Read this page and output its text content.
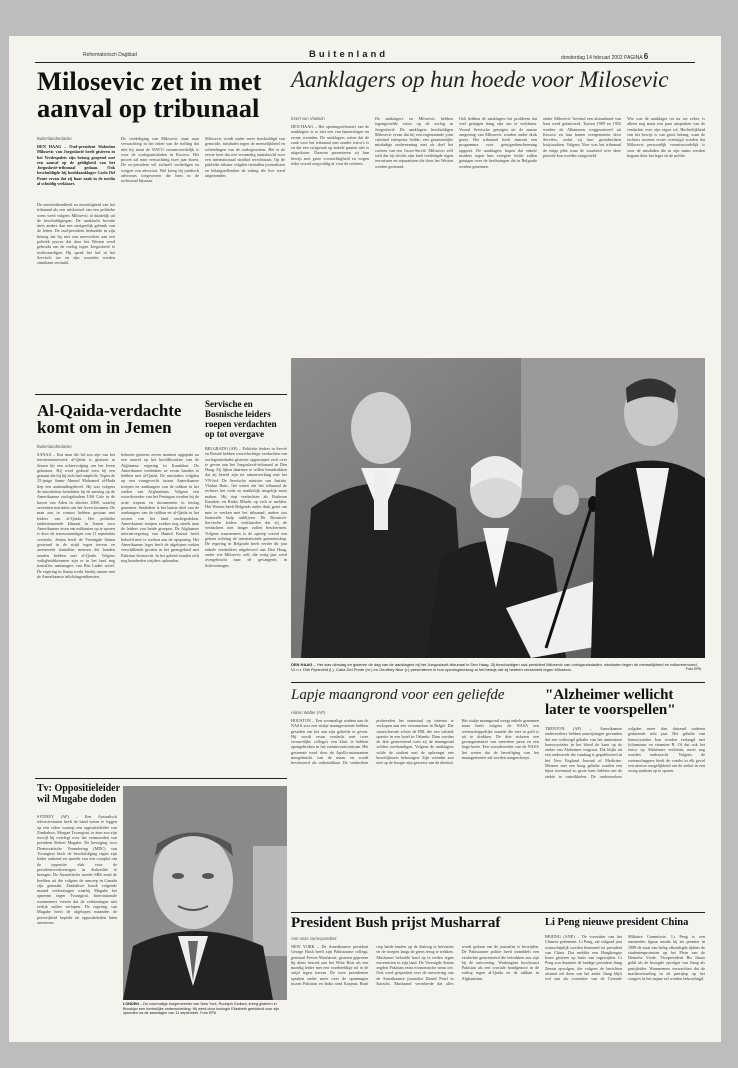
Reformatorisch Dagblad	Buitenland	donderdag 14 februari 2002 PAGINA 6
Milosevic zet in met aanval op tribunaal
Aanklagers op hun hoede voor Milosevic
Buitenlandredactie
Evert van Vlastuin
DEN HAAG – Oud-president Slobodan Milosevic van Joegoslavië heeft gisteren in het Vredespaleis zijn betoog geopend met een aanval op de geldigheid van het Joegoslavië-tribunaal gedaan. Ook beschuldigde hij hoofdaanklager Carla Del Ponte ervan dat zij haar zaak in de media al schuldig verklaart.
De ontoereikendheid en onwettigheid van het tribunaal als een uitvloeisel van een politieke wens werd volgens Milosevic al duidelijk uit de beschuldigingen. De aanklacht bevatte niets anders dan een oneigenlijk gebruik van de feiten. De oud-president herhaalde in zijn betoog dat hij niet zou meewerken aan een politiek proces dat door het Westen werd gebruikt om de oorlog tegen Joegoslavië te rechtvaardigen. Hij sprak het hof in het Servisch toe en zijn woorden werden simultaan vertaald.
De verdediging van Milosevic staat naar verwachting in het teken van de stelling dat niet hij maar de NAVO verantwoordelijk is voor de oorlogsmisdaden in Kosovo. Het proces zal naar verwachting twee jaar duren. De ex-president wil zichzelf verdedigen en weigert een advocaat. Wel kreeg hij juridisch adviseurs toegewezen die hem in de rechtszaal bijstaan.
Milosevic wordt onder meer beschuldigd van genocide, misdaden tegen de menselijkheid en schendingen van de oorlogswetten. Het is de eerste keer dat een voormalig staatshoofd voor een internationaal strafhof terechtstaat. Op de publieke tribune volgden tientallen journalisten en belangstellenden de zitting die live werd uitgezonden.
DEN HAAG – Het openingsoffensief van de aanklagers is er niet een van hamerslagen en zware woorden. De aanklagers weten dat de zaak voor het tribunaal niet zonder risico's is en dat een vrijspraak op enkele punten niet is uitgesloten. Daarom presenteren zij hun bewijs met grote voorzichtigheid en wegen ieder woord zorgvuldig af voor de rechters.
De aanklagers en Milosevic hebben tegengestelde visies op de oorlog in Joegoslavië. De aanklagers beschuldigen Milosevic ervan dat hij een zogenaamde joint criminal enterprise leidde, een gezamenlijke misdadige onderneming met als doel het creëren van een Groot-Servië. Milosevic zelf stelt dat hij slechts zijn land verdedigde tegen terroristen en separatisten die door het Westen werden gesteund.
Ook hebben de aanklagers het probleem dat veel getuigen bang zijn om te verklaren. Vooral Servische getuigen uit de naaste omgeving van Milosevic worden onder druk gezet. Het tribunaal heeft daarom een programma voor getuigenbescherming opgezet. De aanklagers hopen dat enkele insiders tegen hun vroegere leider zullen getuigen over de beslissingen die in Belgrado werden genomen.
onder Milosevic' bewind een alstandaard van haat werd gelanceerd. Tussen 1989 en 1992 werden de Albanezen weggezuiverd uit Kosovo en hun banen overgenomen door Serviërs, zodat zij hun grondrechten kwijtraakten. Volgens Nice was het tribunaal de enige plek waar de waarheid over deze periode kon worden vastgesteld.
Wie was de aanklager tot nu toe zeker, is alleen nog maar een paar uitspraken van de verdachte over zijn eigen rol. Hechtelijkheid van het bewijs is van groot belang, want de rechters moeten ervan overtuigd worden dat Milosevic persoonlijk verantwoordelijk is voor de misdaden die in zijn naam werden begaan door het leger en de politie.
DEN HAAG – Het was dinsdag en gisteren de dag van de aanklagers bij het Joegoslavië-tribunaal in Den Haag. Zij beschuldigen oud-president Milosevic van oorlogsmisdaden, misdaden tegen de menselijkheid en volkerenmoord. V.l.n.r. Dirk Ryneveld (l.), Carla Del Ponte (m.) en Geoffrey Nice (r.) presenteren in hun openingsbetoog al het bewijs dat zij hebben verzameld tegen Milosevic.	Foto EPA
Al-Qaida-verdachte komt om in Jemen
Buitenlandredactie
SANAA – Een man die lid zou zijn van het terroristennetwerk al-Qaida is gisteren in Jemen bij een achtervolging om het leven gekomen. Hij werd gedood toen hij een granaat die hij bij zich had ontplofte. Tegen de 25-jarige Samir Ahmed Mohamed al-Hada liep een aanhoudingsbevel. Hij was volgens de autoriteiten betrokken bij de aanslag op de Amerikaanse oorlogsbodem USS Cole in de haven van Aden in oktober 2000, waarbij zeventien mariniers om het leven kwamen. De man zou in contact hebben gestaan met leiders van al-Qaida. Het politieke ondersteunende klimaat in Jemen voor Amerikaanse eisen om militanten op te sporen is door de terreuraanslagen van 11 september versterkt. Jemen heeft de Verenigde Staten gesteund in de strijd tegen terreur en arresteerde tientallen mensen die banden zouden hebben met al-Qaida. Volgens veiligheidsbronnen zijn er in het land nog tientallen aanhangers van Bin Laden actief. De regering in Sanaa werkt hierbij samen met de Amerikaanse inlichtingendiensten.
behoren gisteren zeven mannen opgepakt na een aanval op het hoofdkwartier van de Afghaanse regering in Kandahar. De Amerikanen verdenken ze ervan banden te hebben met al-Qaida. De arrestaties volgden op een vuurgevecht tussen Amerikaanse troepen en aanhangers van de taliban in het zuiden van Afghanistan. Volgens een woordvoerder van het Pentagon werden bij de actie wapens en documenten in beslag genomen. Sindsdien is het laatste deel van de aanhangers van de taliban en al-Qaida in het oosten van het land ondergedoken. Amerikaanse troepen zoeken nog steeds naar de leiders van beide groepen. De Afghaanse interim-regering van Hamid Karzai heeft beloofd mee te werken aan de opsporing. Het Amerikaanse leger heeft de afgelopen weken verschillende grotten in het grensgebied met Pakistan doorzocht. In het gebied zouden zich nog honderden strijders ophouden.
Servische en Bosnische leiders roepen verdachten op tot overgave
BELGRADO (AP) – Politieke leiders in Servië en Bosnië hebben voortvluchtige verdachten van oorlogsmisdaden gisteren opgeroepen zich over te geven aan het Joegoslavië-tribunaal in Den Haag. Zij lijken daarmee te willen benadrukken dat zij bereid zijn tot samenwerking met het VN-hof. De Servische minister van Justitie, Vladan Batic, liet weten dat het tribunaal de rechters het werk zo makkelijk mogelijk moet maken. Hij riep verdachten als Radovan Karadzic en Ratko Mladic op zich te melden. Het Westen heeft Belgrado onder druk gezet om mee te werken met het tribunaal, anders zou financiële hulp uitblijven. De Bosnisch-Servische leiders verklaarden dat zij de verdachten niet langer zullen beschermen. Volgens waarnemers is de oproep vooral een gebaar richting de internationale gemeenschap. De regering in Belgrado heeft eerder dit jaar enkele verdachten uitgeleverd aan Den Haag, onder wie Milosevic zelf, die vorig jaar werd overgebracht naar de gevangenis in Scheveningen.
Tv: Oppositieleider wil Mugabe doden
SYDNEY (AP) – Een Australisch televisiestation heeft de hand weten te leggen op een video waarop een oppositieleider van Zimbabwe, Morgan Tsvangirai, te zien zou zijn terwijl hij overlegt over het vermoorden van president Robert Mugabe. De beweging voor Democratische Verandering (MDC) van Tsvangirai heeft de beschuldiging tegen zijn leider ontkend en spreekt van een complot om de oppositie vlak voor de presidentsverkiezingen in diskrediet te brengen. De Australische zender SBS zond de beelden uit die volgens de omroep in Canada zijn gemaakt. Zimbabwe houdt volgende maand verkiezingen waarbij Mugabe het opneemt tegen Tsvangirai. Internationale waarnemers vrezen dat de verkiezingen niet eerlijk zullen verlopen. De regering van Mugabe heeft de afgelopen maanden de persvrijheid beperkt en oppositieleden laten arresteren.
LONDEN – De voormalige burgemeester van New York, Rudolph Giuliani, kreeg gisteren in Brooklyn een koninklijke onderscheiding. Hij werd door koningin Elizabeth geridderd voor zijn optreden na de aanslagen van 11 september. Foto EPA
Lapje maangrond voor een geliefde
Alison Walter (AP)
HOUSTON – Een voormalige student aan de NASA zou een stukje maangesteente hebben gestolen om het aan zijn geliefde te geven. Hij wordt ervan verdacht met twee vrouwelijke collega's een kluis te hebben opengebroken in het ruimtevaartcentrum. Het gesteente werd door de Apollo-astronauten meegebracht van de maan en wordt beschouwd als onbetaalbaar. De verdachten probeerden het materiaal op internet te verkopen aan een verzamelaar in België. Die waarschuwde echter de FBI, die een valstrik opzette in een hotel in Orlando. Daar werden de drie gearresteerd toen zij de maangrond wilden overhandigen. Volgens de aanklagers wilde de student met de opbrengst een huwelijksreis bekostigen. Zijn vriendin zou niet op de hoogte zijn geweest van de diefstal. Het stukje maangrond weegt enkele grammen maar heeft volgens de NASA een wetenschappelijke waarde die niet in geld is uit te drukken. De drie riskeren een gevangenisstraf van meerdere jaren en een hoge boete. Een woordvoerder van de NASA liet weten dat de beveiliging van het maangesteente zal worden aangescherpt.
"Alzheimer wellicht later te voorspellen"
TRENTON (AP) – Amerikaanse onderzoekers hebben aanwijzingen gevonden dat een verhoogd gehalte van het aminozuur homocysteïne in het bloed de kans op de ziekte van Alzheimer vergroot. Dat blijkt uit een onderzoek dat vandaag is gepubliceerd in het New England Journal of Medicine. Mensen met een hoog gehalte zouden een bijna tweemaal zo grote kans hebben om de ziekte te ontwikkelen. De onderzoekers volgden meer dan duizend ouderen gedurende acht jaar. Het gehalte van homocysteïne kan worden verlaagd met foliumzuur en vitamine B. Of dat ook het risico op Alzheimer verkleint, moet nog worden onderzocht. Volgens de wetenschappers biedt de vondst in elk geval een nieuwe mogelijkheid om de ziekte in een vroeg stadium op te sporen.
President Bush prijst Musharraf
Van onze correspondent
NEW YORK – De Amerikaanse president George Bush heeft zijn Pakistaanse collega, generaal Pervez Musharraf, gisteren geprezen bij diens bezoek aan het Witte Huis als een moedig leider met een voorbeeldige rol in de strijd tegen terreur. De twee presidenten spraken onder meer over de spanningen tussen Pakistan en India rond Kasjmir. Bush riep beide landen op de dialoog te hervatten en de troepen langs de grens terug te trekken. Musharraf beloofde hard op te treden tegen extremisten in zijn land. De Verenigde Staten zegden Pakistan extra economische steun toe. Ook werd gesproken over de ontvoering van de Amerikaanse journalist Daniel Pearl in Karachi. Musharraf verzekerde dat alles wordt gedaan om de journalist te bevrijden. De Pakistaanse politie heeft inmiddels een verdachte gearresteerd die betrokken zou zijn bij de ontvoering. Washington beschouwt Pakistan als een cruciale bondgenoot in de oorlog tegen al-Qaida en de taliban in Afghanistan.
Li Peng nieuwe president China
BEIJING (ANP) – De voorzitter van het Chinese parlement, Li Peng, zal volgend jaar waarschijnlijk worden benoemd tot president van China. Dat meldde een Hongkongse krant gisteren op basis van ingewijden. Li Peng zou daarmee de huidige president Jiang Zemin opvolgen, die volgens de berichten afstand zal doen van het ambt. Jiang blijft wel aan als voorzitter van de Centrale Militaire Commissie. Li Peng is een omstreden figuur omdat hij als premier in 1989 de staat van beleg afkondigde tijdens de studentenprotesten op het Plein van de Hemelse Vrede. Vicepresident Hu Jintao geldt als de beoogde opvolger van Jiang als partijleider. Waarnemers verwachten dat de machtswisseling in de partijtop op het congres in het najaar zal worden bekrachtigd.
